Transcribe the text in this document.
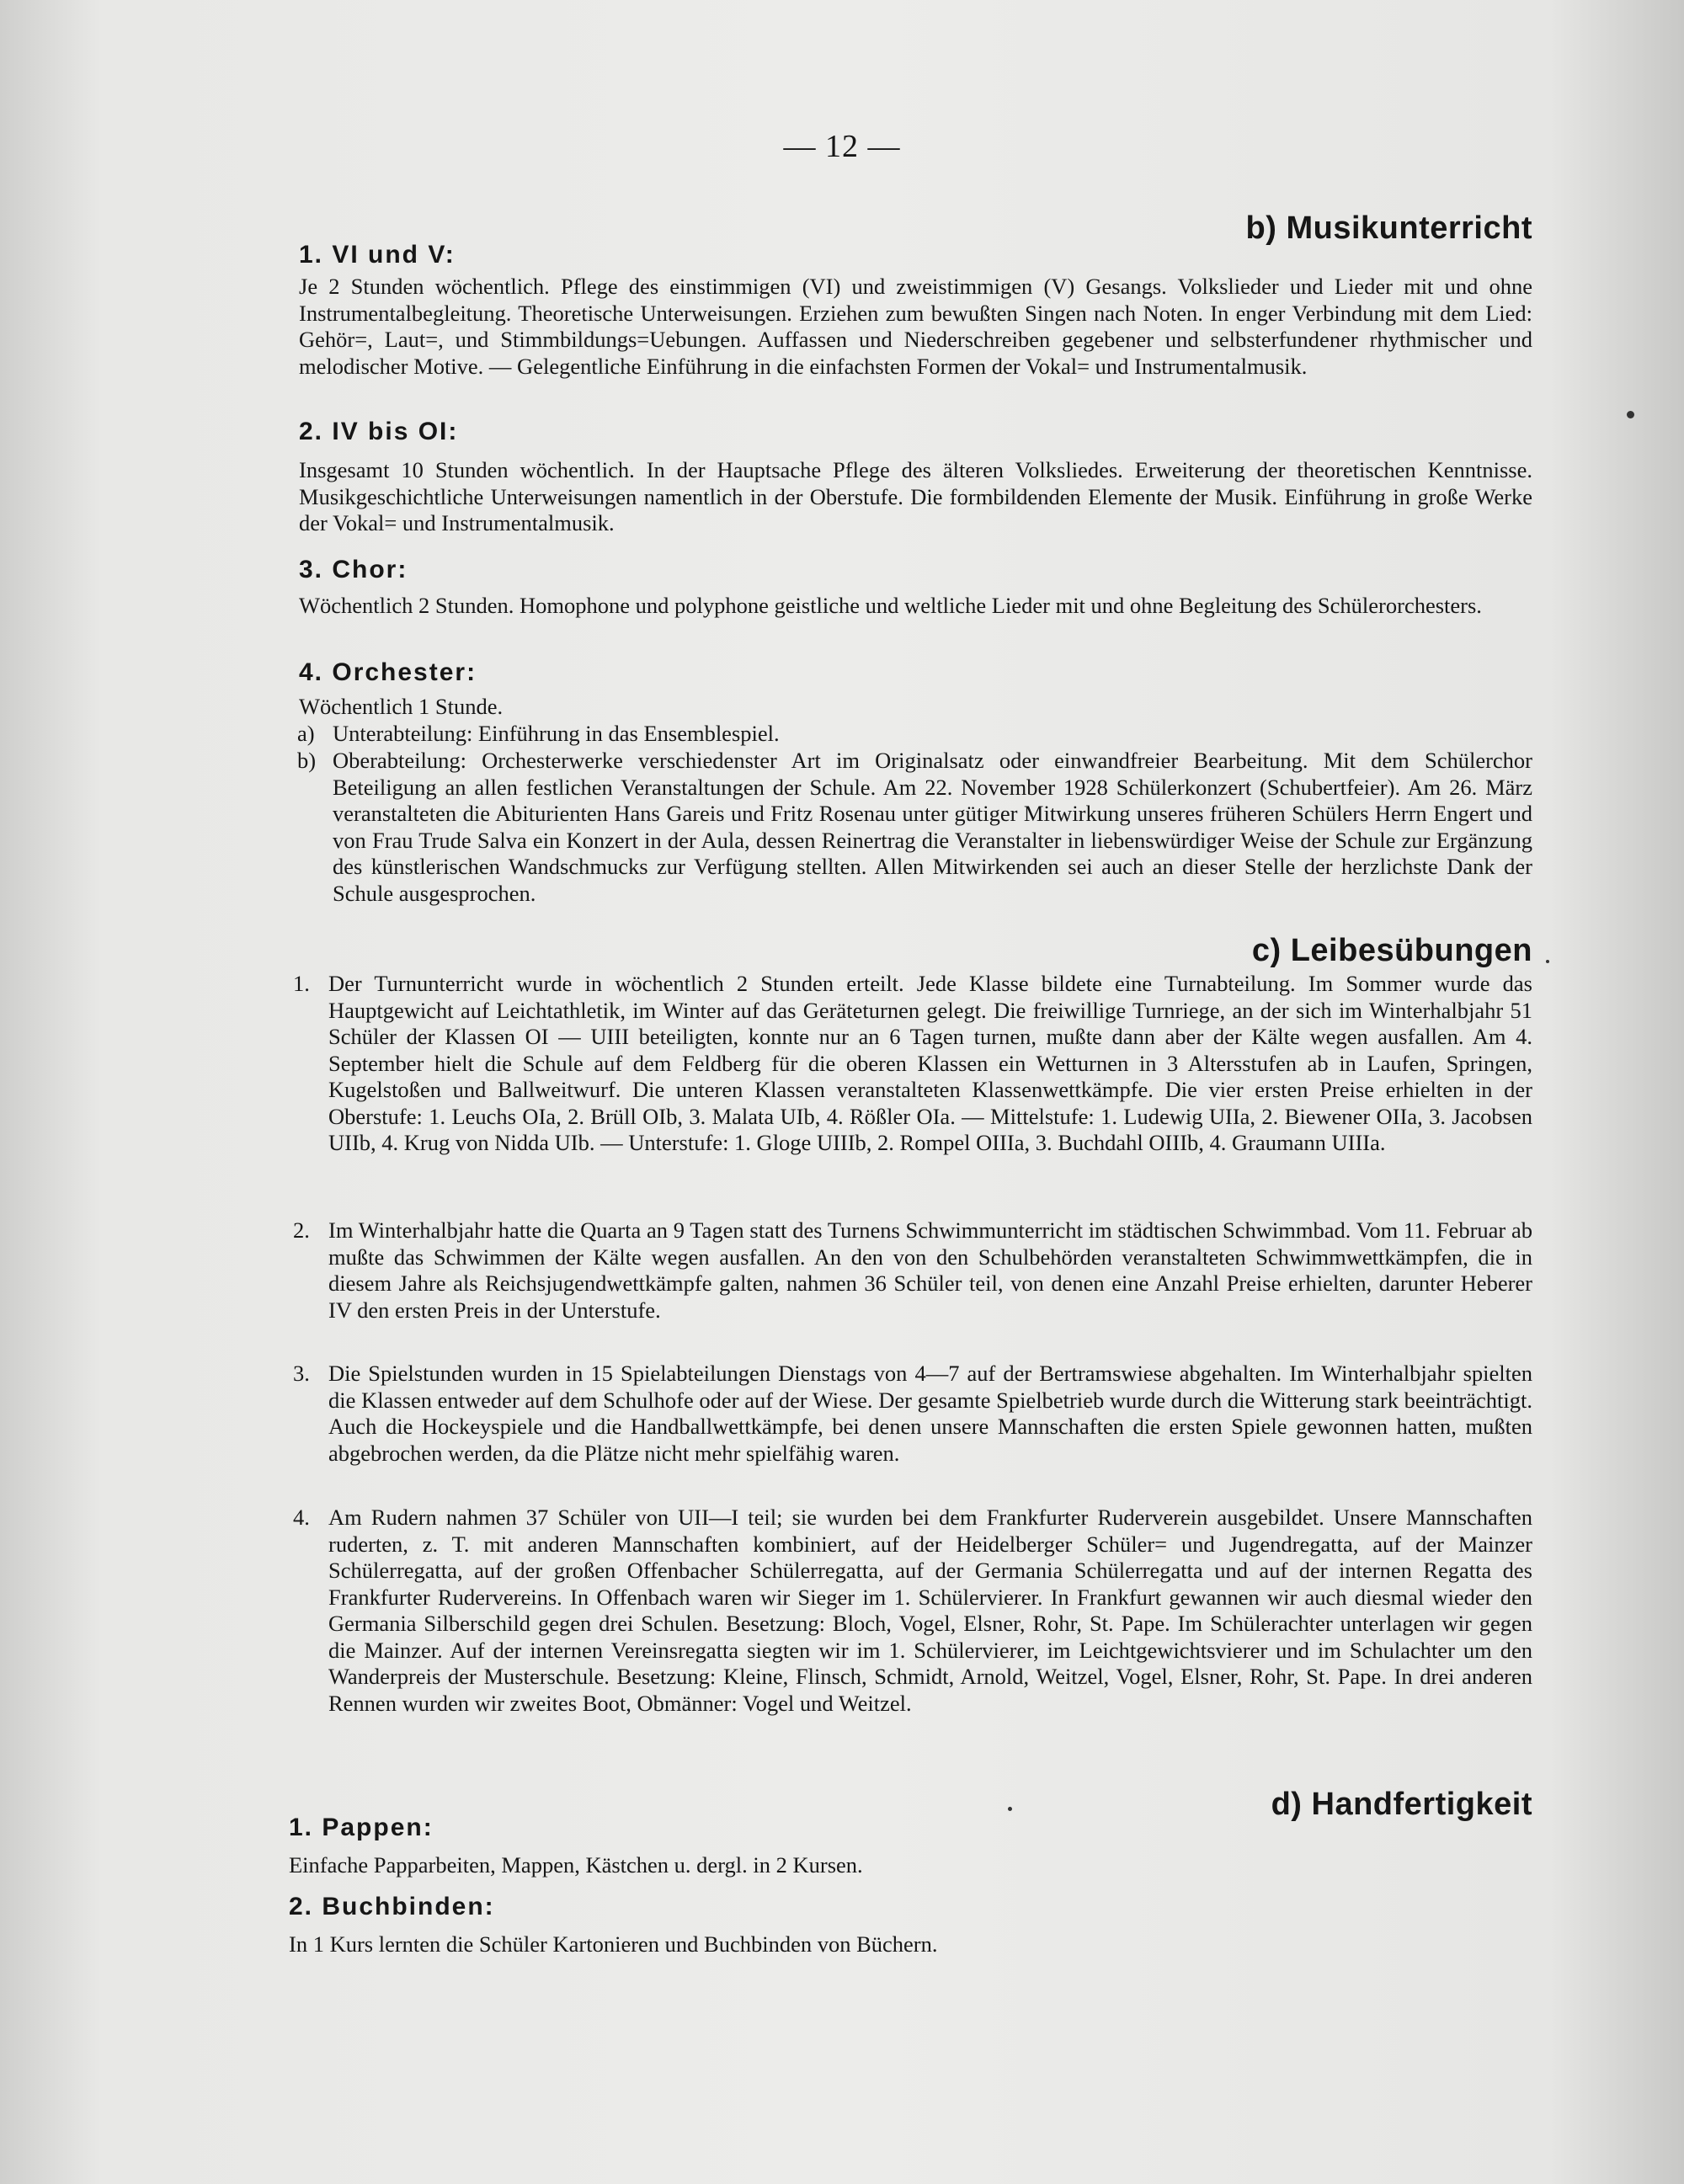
— 12 —
b) Musikunterricht
1. VI und V:

Je 2 Stunden wöchentlich. Pflege des einstimmigen (VI) und zweistimmigen (V) Gesangs. Volkslieder und Lieder mit und ohne Instrumentalbegleitung. Theoretische Unterweisungen. Erziehen zum bewußten Singen nach Noten. In enger Verbindung mit dem Lied: Gehör=, Laut=, und Stimmbildungs=Uebungen. Auffassen und Niederschreiben gegebener und selbsterfundener rhythmischer und melodischer Motive. — Gelegentliche Einführung in die einfachsten Formen der Vokal= und Instrumentalmusik.

2. IV bis OI:

Insgesamt 10 Stunden wöchentlich. In der Hauptsache Pflege des älteren Volksliedes. Erweiterung der theoretischen Kenntnisse. Musikgeschichtliche Unterweisungen namentlich in der Oberstufe. Die formbildenden Elemente der Musik. Einführung in große Werke der Vokal= und Instrumentalmusik.

3. Chor:

Wöchentlich 2 Stunden. Homophone und polyphone geistliche und weltliche Lieder mit und ohne Begleitung des Schülerorchesters.

4. Orchester:

Wöchentlich 1 Stunde.

a) Unterabteilung: Einführung in das Ensemblespiel.
b) Oberabteilung: Orchesterwerke verschiedenster Art im Originalsatz oder einwandfreier Bearbeitung. Mit dem Schülerchor Beteiligung an allen festlichen Veranstaltungen der Schule. Am 22. November 1928 Schülerkonzert (Schubertfeier). Am 26. März veranstalteten die Abiturienten Hans Gareis und Fritz Rosenau unter gütiger Mitwirkung unseres früheren Schülers Herrn Engert und von Frau Trude Salva ein Konzert in der Aula, dessen Reinertrag die Veranstalter in liebenswürdiger Weise der Schule zur Ergänzung des künstlerischen Wandschmucks zur Verfügung stellten. Allen Mitwirkenden sei auch an dieser Stelle der herzlichste Dank der Schule ausgesprochen.
c) Leibesübungen
1. Der Turnunterricht wurde in wöchentlich 2 Stunden erteilt. Jede Klasse bildete eine Turnabteilung. Im Sommer wurde das Hauptgewicht auf Leichtathletik, im Winter auf das Geräteturnen gelegt. Die freiwillige Turnriege, an der sich im Winterhalbjahr 51 Schüler der Klassen OI — UIII beteiligten, konnte nur an 6 Tagen turnen, mußte dann aber der Kälte wegen ausfallen. Am 4. September hielt die Schule auf dem Feldberg für die oberen Klassen ein Wetturnen in 3 Altersstufen ab in Laufen, Springen, Kugelstoßen und Ballweitwurf. Die unteren Klassen veranstalteten Klassenwettkämpfe. Die vier ersten Preise erhielten in der Oberstufe: 1. Leuchs OIa, 2. Brüll OIb, 3. Malata UIb, 4. Rößler OIa. — Mittelstufe: 1. Ludewig UIIa, 2. Biewener OIIa, 3. Jacobsen UIIb, 4. Krug von Nidda UIb. — Unterstufe: 1. Gloge UIIIb, 2. Rompel OIIIa, 3. Buchdahl OIIIb, 4. Graumann UIIIa.
2. Im Winterhalbjahr hatte die Quarta an 9 Tagen statt des Turnens Schwimmunterricht im städtischen Schwimmbad. Vom 11. Februar ab mußte das Schwimmen der Kälte wegen ausfallen. An den von den Schulbehörden veranstalteten Schwimmwettkämpfen, die in diesem Jahre als Reichsjugendwettkämpfe galten, nahmen 36 Schüler teil, von denen eine Anzahl Preise erhielten, darunter Heberer IV den ersten Preis in der Unterstufe.
3. Die Spielstunden wurden in 15 Spielabteilungen Dienstags von 4—7 auf der Bertramswiese abgehalten. Im Winterhalbjahr spielten die Klassen entweder auf dem Schulhofe oder auf der Wiese. Der gesamte Spielbetrieb wurde durch die Witterung stark beeinträchtigt. Auch die Hockeyspiele und die Handballwettkämpfe, bei denen unsere Mannschaften die ersten Spiele gewonnen hatten, mußten abgebrochen werden, da die Plätze nicht mehr spielfähig waren.
4. Am Rudern nahmen 37 Schüler von UII—I teil; sie wurden bei dem Frankfurter Ruderverein ausgebildet. Unsere Mannschaften ruderten, z. T. mit anderen Mannschaften kombiniert, auf der Heidelberger Schüler= und Jugendregatta, auf der Mainzer Schülerregatta, auf der großen Offenbacher Schülerregatta, auf der Germania Schülerregatta und auf der internen Regatta des Frankfurter Rudervereins. In Offenbach waren wir Sieger im 1. Schülervierer. In Frankfurt gewannen wir auch diesmal wieder den Germania Silberschild gegen drei Schulen. Besetzung: Bloch, Vogel, Elsner, Rohr, St. Pape. Im Schülerachter unterlagen wir gegen die Mainzer. Auf der internen Vereinsregatta siegten wir im 1. Schülervierer, im Leichtgewichtsvierer und im Schulachter um den Wanderpreis der Musterschule. Besetzung: Kleine, Flinsch, Schmidt, Arnold, Weitzel, Vogel, Elsner, Rohr, St. Pape. In drei anderen Rennen wurden wir zweites Boot, Obmänner: Vogel und Weitzel.
d) Handfertigkeit
1. Pappen:

Einfache Papparbeiten, Mappen, Kästchen u. dergl. in 2 Kursen.

2. Buchbinden:

In 1 Kurs lernten die Schüler Kartonieren und Buchbinden von Büchern.
